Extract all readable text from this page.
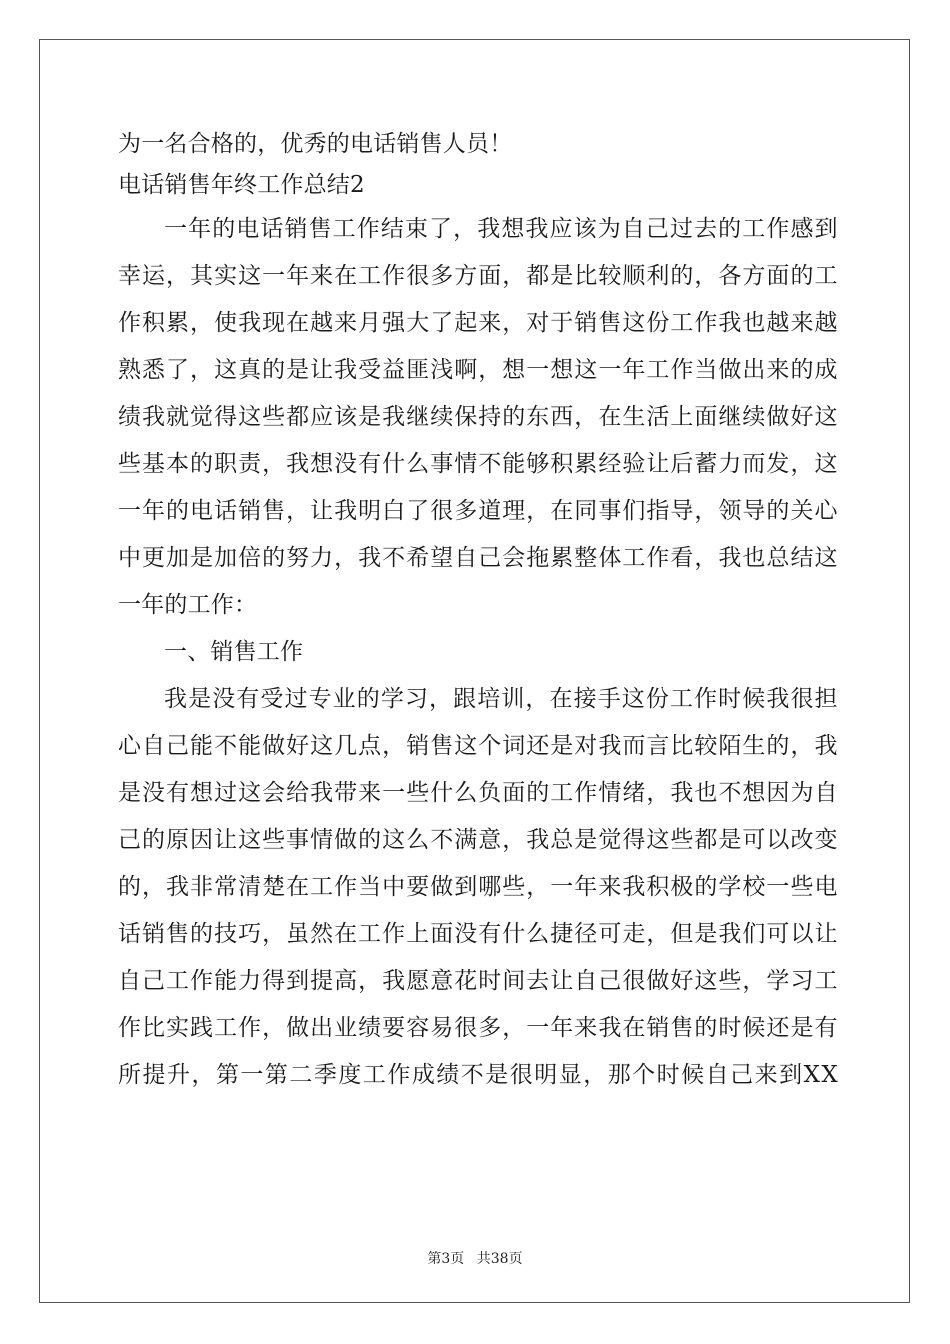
为一名合格的，优秀的电话销售人员！
电话销售年终工作总结2
一 年 的 电 话 销 售 工 作 结 束 了 ， 我 想 我 应 该 为 自 己 过 去 的 工 作 感 到
幸 运 ， 其 实 这 一 年 来 在 工 作 很 多 方 面 ， 都 是 比 较 顺 利 的 ， 各 方 面 的 工
作 积 累 ， 使 我 现 在 越 来 月 强 大 了 起 来 ， 对 于 销 售 这 份 工 作 我 也 越 来 越
熟 悉 了 ， 这 真 的 是 让 我 受 益 匪 浅 啊 ， 想 一 想 这 一 年 工 作 当 做 出 来 的 成
绩 我 就 觉 得 这 些 都 应 该 是 我 继 续 保 持 的 东 西 ， 在 生 活 上 面 继 续 做 好 这
些 基 本 的 职 责 ， 我 想 没 有 什 么 事 情 不 能 够 积 累 经 验 让 后 蓄 力 而 发 ， 这
一 年 的 电 话 销 售 ， 让 我 明 白 了 很 多 道 理 ， 在 同 事 们 指 导 ， 领 导 的 关 心
中 更 加 是 加 倍 的 努 力 ， 我 不 希 望 自 己 会 拖 累 整 体 工 作 看 ， 我 也 总 结 这
一年的工作：
一、销售工作
我 是 没 有 受 过 专 业 的 学 习 ， 跟 培 训 ， 在 接 手 这 份 工 作 时 候 我 很 担
心 自 己 能 不 能 做 好 这 几 点 ， 销 售 这 个 词 还 是 对 我 而 言 比 较 陌 生 的 ， 我
是 没 有 想 过 这 会 给 我 带 来 一 些 什 么 负 面 的 工 作 情 绪 ， 我 也 不 想 因 为 自
己 的 原 因 让 这 些 事 情 做 的 这 么 不 满 意 ， 我 总 是 觉 得 这 些 都 是 可 以 改 变
的 ， 我 非 常 清 楚 在 工 作 当 中 要 做 到 哪 些 ， 一 年 来 我 积 极 的 学 校 一 些 电
话 销 售 的 技 巧 ， 虽 然 在 工 作 上 面 没 有 什 么 捷 径 可 走 ， 但 是 我 们 可 以 让
自 己 工 作 能 力 得 到 提 高 ， 我 愿 意 花 时 间 去 让 自 己 很 做 好 这 些 ， 学 习 工
作 比 实 践 工 作 ， 做 出 业 绩 要 容 易 很 多 ， 一 年 来 我 在 销 售 的 时 候 还 是 有
所 提 升 ， 第 一 第 二 季 度 工 作 成 绩 不 是 很 明 显 ， 那 个 时 候 自 己 来 到 X X
第3页 共38页
